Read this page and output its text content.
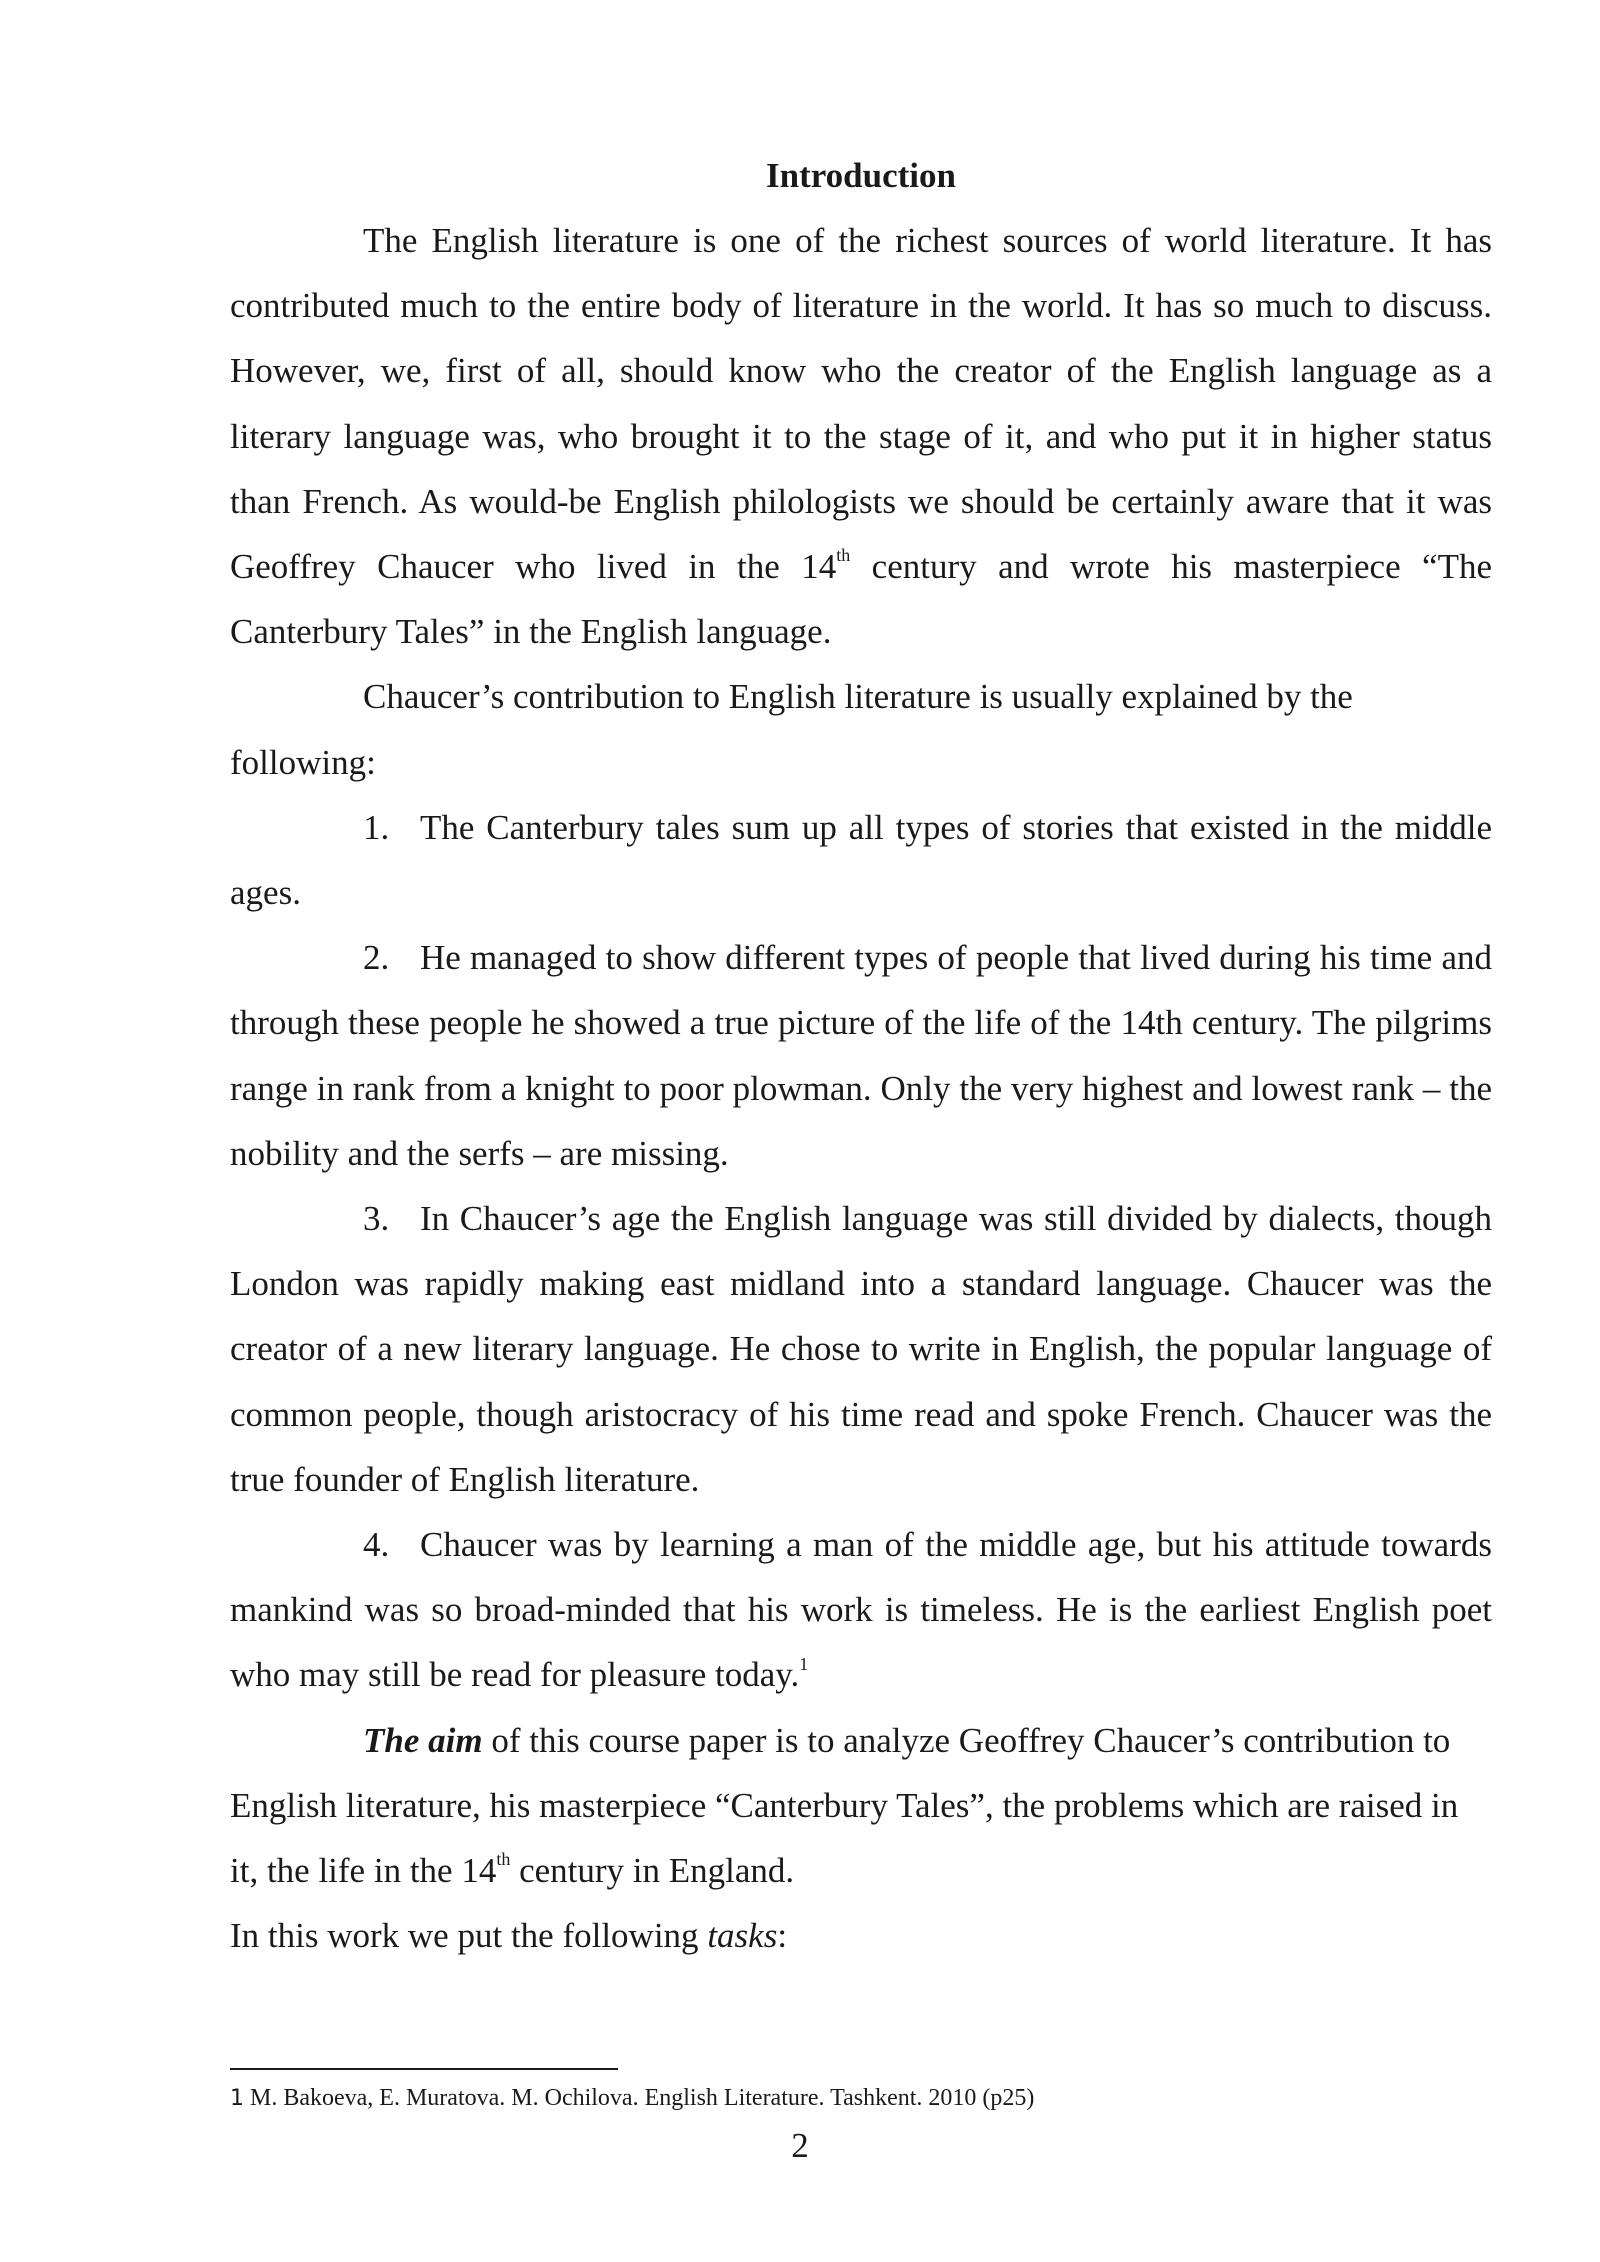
Introduction

The English literature is one of the richest sources of world literature. It has contributed much to the entire body of literature in the world. It has so much to discuss. However, we, first of all, should know who the creator of the English language as a literary language was, who brought it to the stage of it, and who put it in higher status than French. As would-be English philologists we should be certainly aware that it was Geoffrey Chaucer who lived in the 14th century and wrote his masterpiece “The Canterbury Tales” in the English language.

Chaucer’s contribution to English literature is usually explained by the following:

1. The Canterbury tales sum up all types of stories that existed in the middle ages.

2. He managed to show different types of people that lived during his time and through these people he showed a true picture of the life of the 14th century. The pilgrims range in rank from a knight to poor plowman. Only the very highest and lowest rank – the nobility and the serfs – are missing.

3. In Chaucer’s age the English language was still divided by dialects, though London was rapidly making east midland into a standard language. Chaucer was the creator of a new literary language. He chose to write in English, the popular language of common people, though aristocracy of his time read and spoke French. Chaucer was the true founder of English literature.

4. Chaucer was by learning a man of the middle age, but his attitude towards mankind was so broad-minded that his work is timeless. He is the earliest English poet who may still be read for pleasure today.$^1$

The aim of this course paper is to analyze Geoffrey Chaucer’s contribution to English literature, his masterpiece “Canterbury Tales”, the problems which are raised in it, the life in the 14th century in England.

In this work we put the following tasks:

1 M. Bakoeva, E. Muratova. M. Ochilova. English Literature. Tashkent. 2010 (p25)
2
